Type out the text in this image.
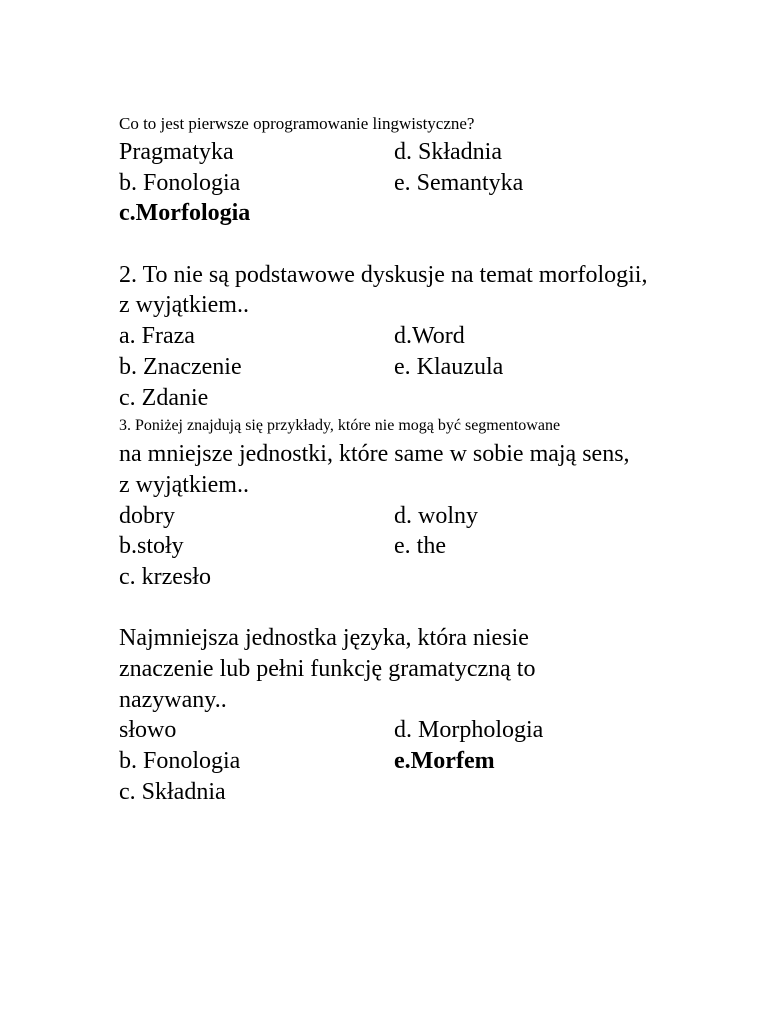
Co to jest pierwsze oprogramowanie lingwistyczne?
Pragmatyka	d. Składnia
b. Fonologia	e. Semantyka
c.Morfologia
2. To nie są podstawowe dyskusje na temat morfologii,
z wyjątkiem..
a. Fraza	d.Word
b. Znaczenie	e. Klauzula
c. Zdanie
3. Poniżej znajdują się przykłady, które nie mogą być segmentowane
na mniejsze jednostki, które same w sobie mają sens,
z wyjątkiem..
dobry	d. wolny
b.stoły	e. the
c. krzesło
Najmniejsza jednostka języka, która niesie
znaczenie lub pełni funkcję gramatyczną to
nazywany..
słowo	d. Morphologia
b. Fonologia	e.Morfem
c. Składnia
